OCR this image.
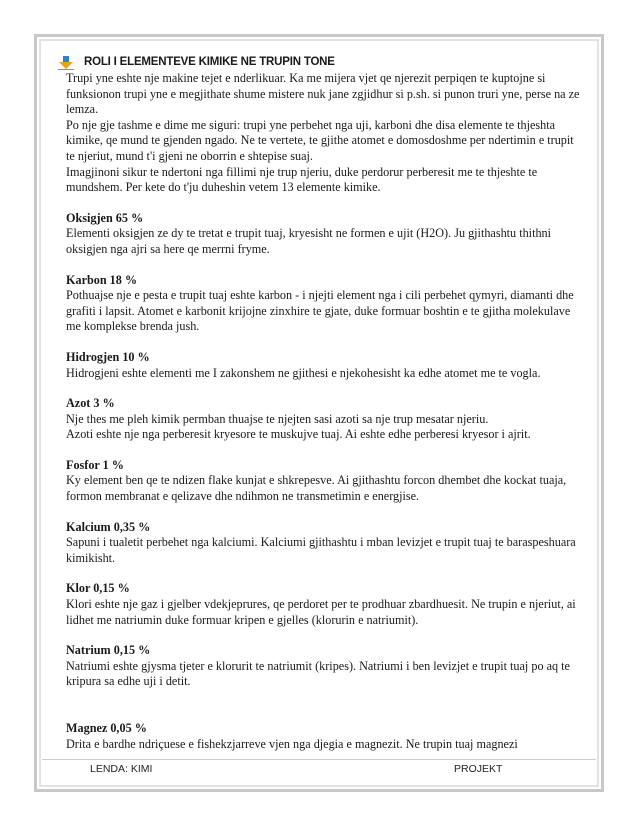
ROLI I ELEMENTEVE KIMIKE NE TRUPIN TONE

Trupi yne eshte nje makine tejet e nderlikuar. Ka me mijera vjet qe njerezit perpiqen te kuptojne si funksionon trupi yne e megjithate shume mistere nuk jane zgjidhur si p.sh. si punon truri yne, perse na ze lemza.

Po nje gje tashme e dime me siguri: trupi yne perbehet nga uji, karboni dhe disa elemente te thjeshta kimike, qe mund te gjenden ngado. Ne te vertete, te gjithe atomet e domosdoshme per ndertimin e trupit te njeriut, mund t'i gjeni ne oborrin e shtepise suaj.

Imagjinoni sikur te ndertoni nga fillimi nje trup njeriu, duke perdorur perberesit me te thjeshte te mundshem. Per kete do t'ju duheshin vetem 13 elemente kimike.

Oksigjen 65 %

Elementi oksigjen ze dy te tretat e trupit tuaj, kryesisht ne formen e ujit (H2O). Ju gjithashtu thithni oksigjen nga ajri sa here qe merrni fryme.

Karbon 18 %

Pothuajse nje e pesta e trupit tuaj eshte karbon - i njejti element nga i cili perbehet qymyri, diamanti dhe grafiti i lapsit. Atomet e karbonit krijojne zinxhire te gjate, duke formuar boshtin e te gjitha molekulave me komplekse brenda jush.

Hidrogjen 10 %

Hidrogjeni eshte elementi me I zakonshem ne gjithesi e njekohesisht ka edhe atomet me te vogla.

Azot 3 %

Nje thes me pleh kimik permban thuajse te njejten sasi azoti sa nje trup mesatar njeriu.

Azoti eshte nje nga perberesit kryesore te muskujve tuaj. Ai eshte edhe perberesi kryesor i ajrit.

Fosfor 1 %

Ky element ben qe te ndizen flake kunjat e shkrepesve. Ai gjithashtu forcon dhembet dhe kockat tuaja, formon membranat e qelizave dhe ndihmon ne transmetimin e energjise.

Kalcium 0,35 %

Sapuni i tualetit perbehet nga kalciumi. Kalciumi gjithashtu i mban levizjet e trupit tuaj te baraspeshuara kimikisht.

Klor 0,15 %

Klori eshte nje gaz i gjelber vdekjeprures, qe perdoret per te prodhuar zbardhuesit. Ne trupin e njeriut, ai lidhet me natriumin duke formuar kripen e gjelles (klorurin e natriumit).

Natrium 0,15 %

Natriumi eshte gjysma tjeter e klorurit te natriumit (kripes). Natriumi i ben levizjet e trupit tuaj po aq te kripura sa edhe uji i detit.

Magnez 0,05 %

Drita e bardhe ndriçuese e fishekzjarreve vjen nga djegia e magnezit. Ne trupin tuaj magnezi

LENDA: KIMI	PROJEKT
